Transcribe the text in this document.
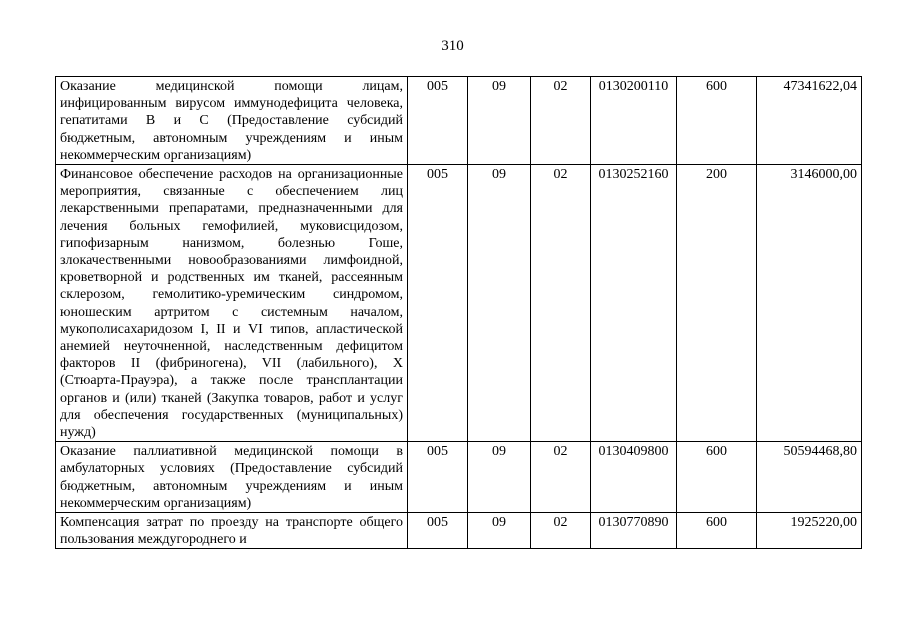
310
Оказание медицинской помощи лицам, инфицированным вирусом иммунодефицита человека, гепатитами В и С (Предоставление субсидий бюджетным, автономным учреждениям и иным некоммерческим организациям)	005	09	02	0130200110	600	47341622,04
Финансовое обеспечение расходов на организационные мероприятия, связанные с обеспечением лиц лекарственными препаратами, предназначенными для лечения больных гемофилией, муковисцидозом, гипофизарным нанизмом, болезнью Гоше, злокачественными новообразованиями лимфоидной, кроветворной и родственных им тканей, рассеянным склерозом, гемолитико-уремическим синдромом, юношеским артритом с системным началом, мукополисахаридозом I, II и VI типов, апластической анемией неуточненной, наследственным дефицитом факторов II (фибриногена), VII (лабильного), X (Стюарта-Прауэра), а также после трансплантации органов и (или) тканей (Закупка товаров, работ и услуг для обеспечения государственных (муниципальных) нужд)	005	09	02	0130252160	200	3146000,00
Оказание паллиативной медицинской помощи в амбулаторных условиях (Предоставление субсидий бюджетным, автономным учреждениям и иным некоммерческим организациям)	005	09	02	0130409800	600	50594468,80

Компенсация затрат по проезду на транспорте общего пользования междугороднего и	005	09	02	0130770890	600	1925220,00
